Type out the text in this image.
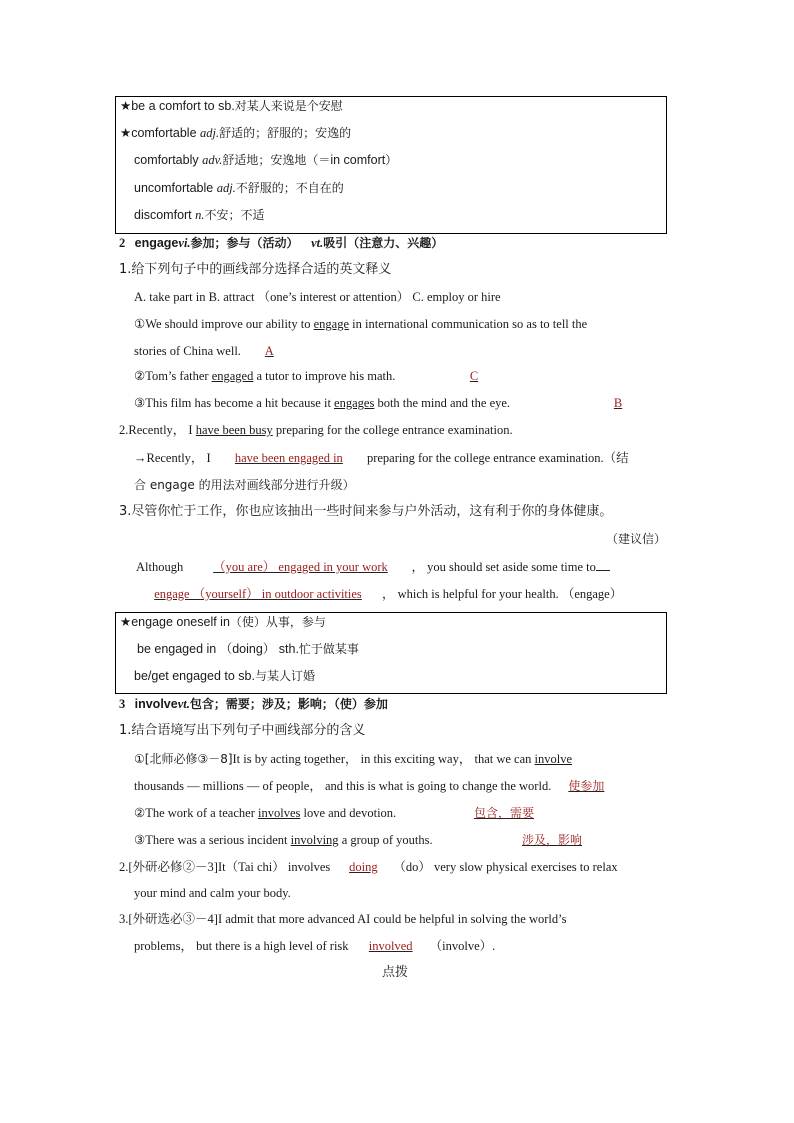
★be a comfort to sb.对某人来说是个安慰
★comfortable adj.舒适的；舒服的；安逸的
comfortably adv.舒适地；安逸地（＝in comfort）
uncomfortable adj.不舒服的；不自在的
discomfort n.不安；不适
2 engagevi.参加；参与（活动） vt.吸引（注意力、兴趣）
1.给下列句子中的画线部分选择合适的英文释义
A. take part in B. attract （one’s interest or attention） C. employ or hire
①We should improve our ability to engage in international communication so as to tell the
stories of China well. A
②Tom’s father engaged a tutor to improve his math.	C
③This film has become a hit because it engages both the mind and the eye.	B
2.Recently， I have been busy preparing for the college entrance examination.
→Recently， I have been engaged in preparing for the college entrance examination.（结
合 engage 的用法对画线部分进行升级）
3.尽管你忙于工作，你也应该抽出一些时间来参与户外活动，这有利于你的身体健康。
（建议信）
Although  （you are） engaged in your work ， you should set aside some time to
engage （yourself） in outdoor activities ， which is helpful for your health. （engage）
★engage oneself in（使）从事，参与
be engaged in （doing） sth.忙于做某事
be/get engaged to sb.与某人订婚
3 involvevt.包含；需要；涉及；影响；（使）参加
1.结合语境写出下列句子中画线部分的含义
①[北师必修③－8]It is by acting together， in this exciting way， that we can involve
thousands — millions — of people， and this is what is going to change the world. 使参加
②The work of a teacher involves love and devotion.	包含，需要
③There was a serious incident involving a group of youths.	涉及，影响
2.[外研必修②－3]It（Tai chi） involves doing （do） very slow physical exercises to relax
your mind and calm your body.
3.[外研选必③－4]I admit that more advanced AI could be helpful in solving the world’s
problems， but there is a high level of risk involved （involve）.
点拨
